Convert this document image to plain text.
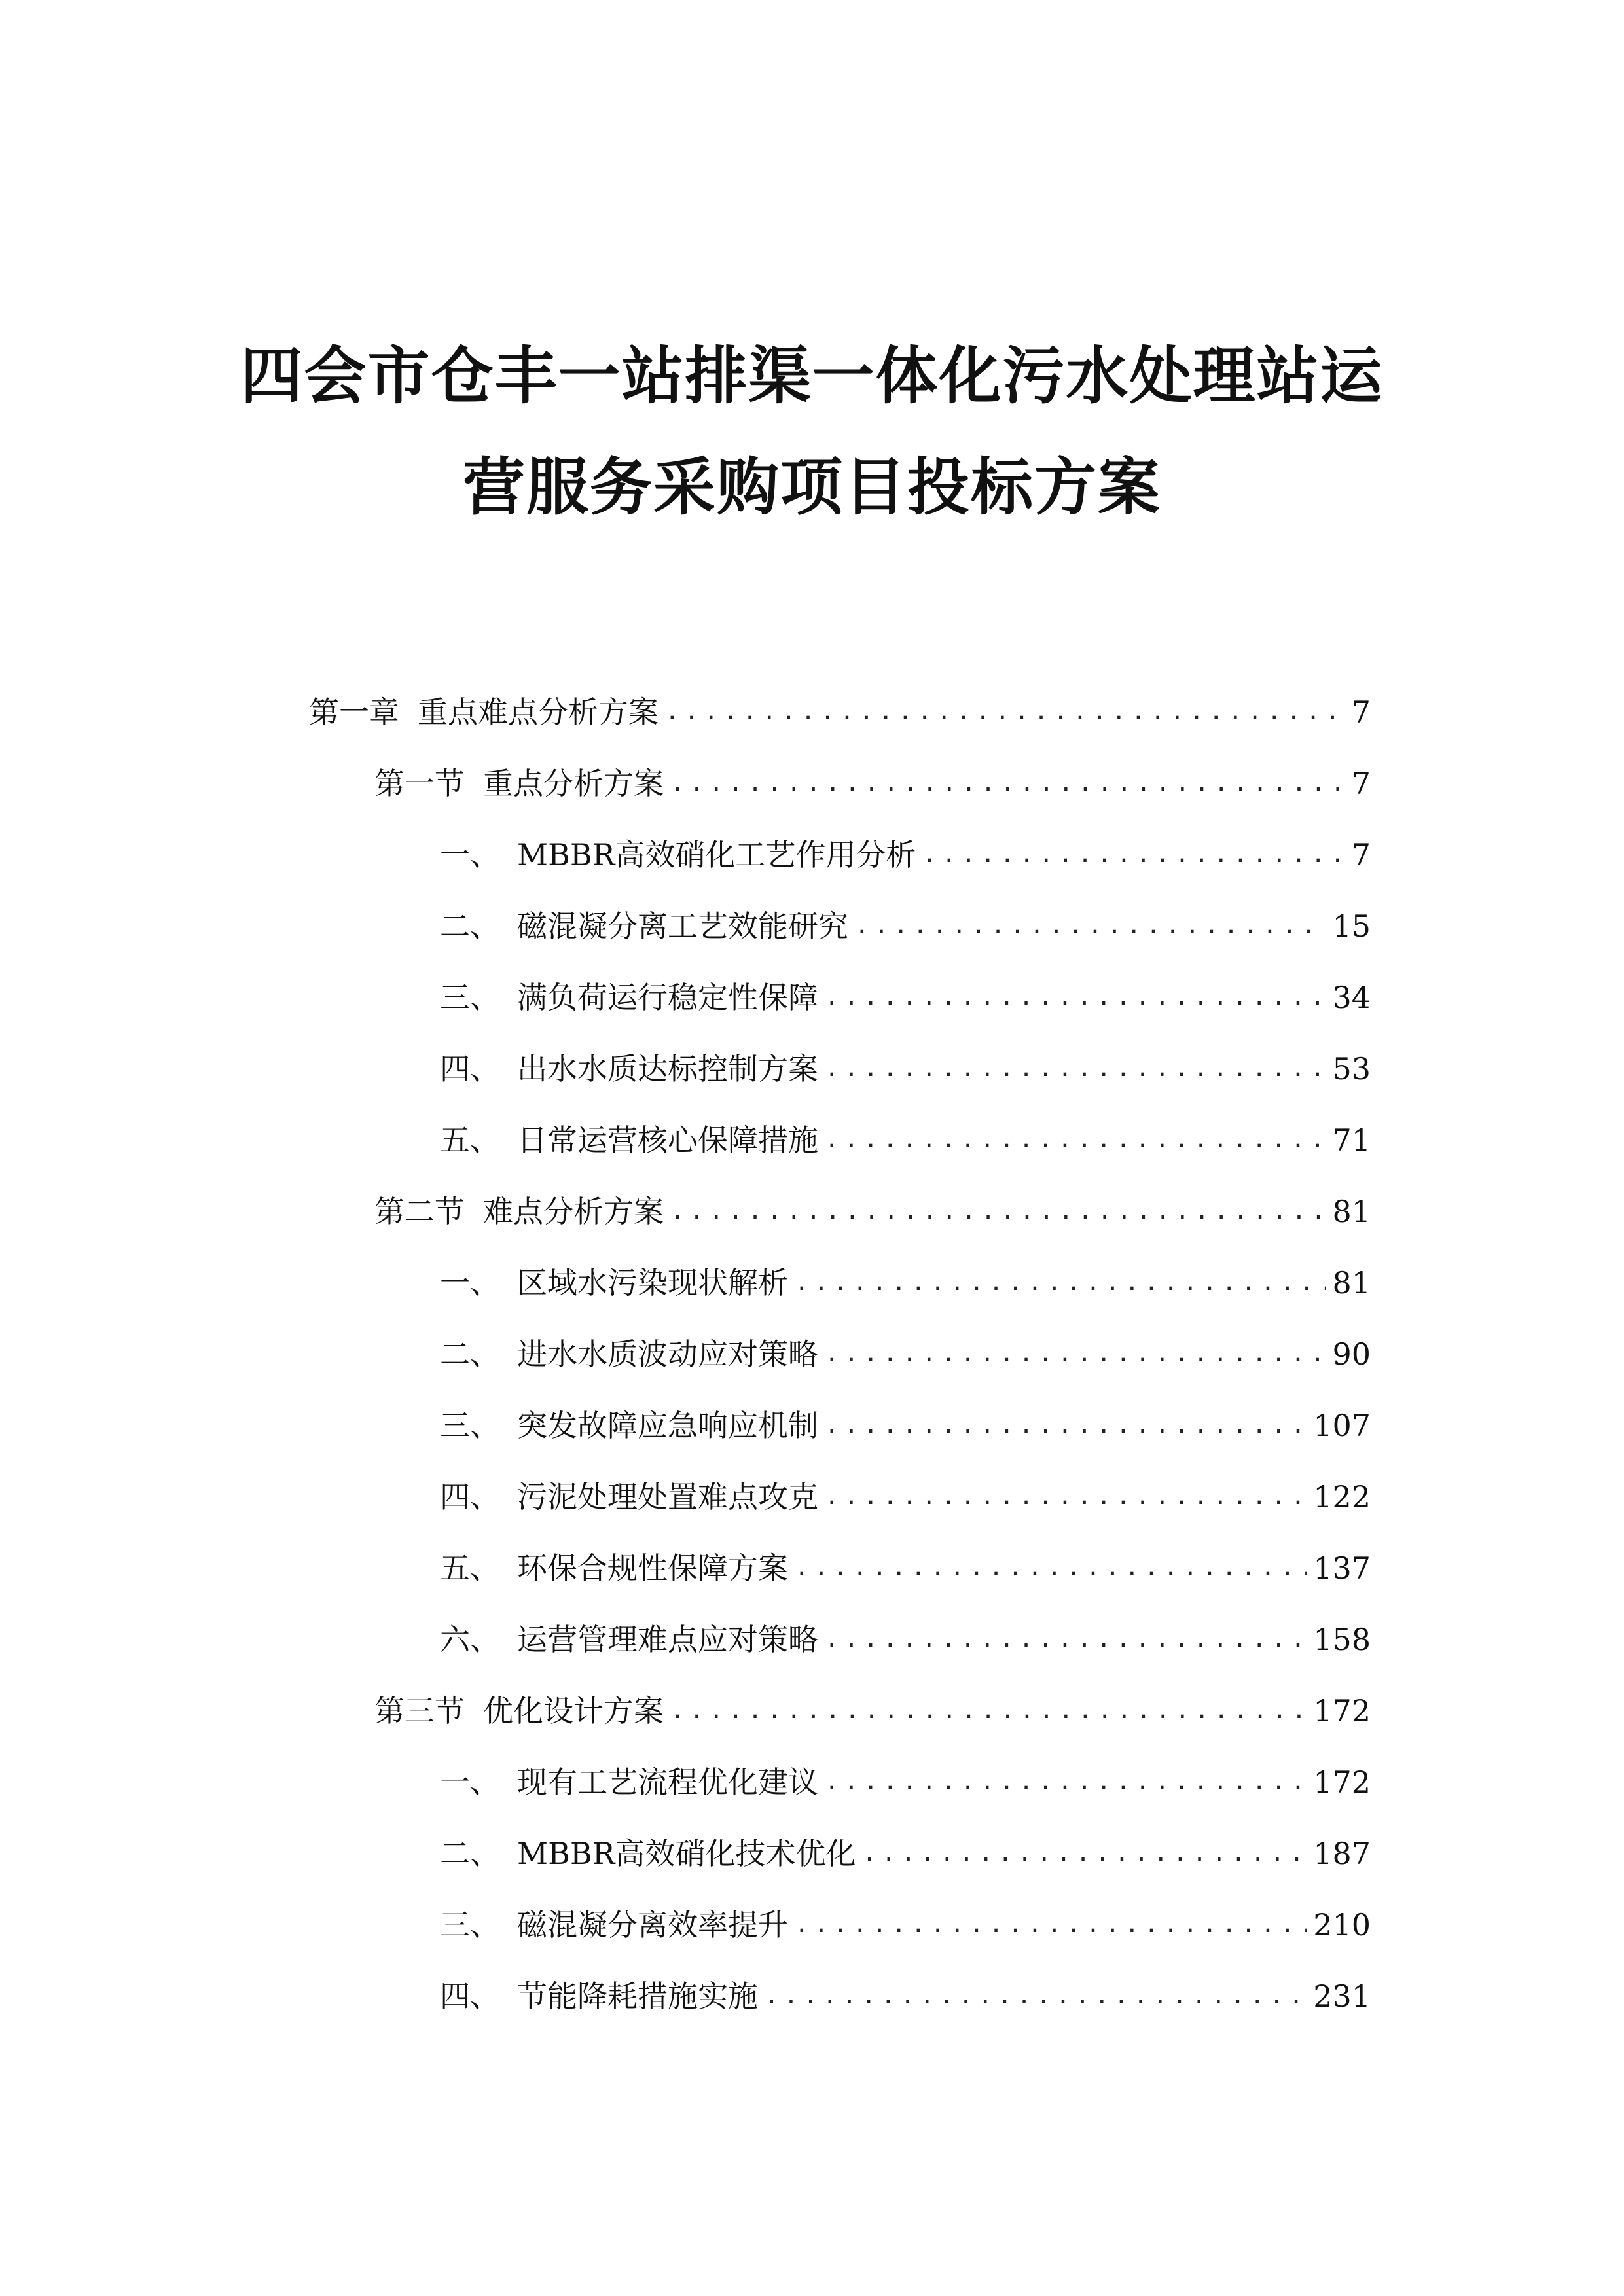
四会市仓丰一站排渠一体化污水处理站运
营服务采购项目投标方案
第一章 重点难点分析方案 .....	7
第一节 重点分析方案 .....	7
一、 MBBR高效硝化工艺作用分析 .....	7
二、 磁混凝分离工艺效能研究 .....	15
三、 满负荷运行稳定性保障 .....	34
四、 出水水质达标控制方案 .....	53
五、 日常运营核心保障措施 .....	71
第二节 难点分析方案 .....	81
一、 区域水污染现状解析 .....	81
二、 进水水质波动应对策略 .....	90
三、 突发故障应急响应机制 .....	107
四、 污泥处理处置难点攻克 .....	122
五、 环保合规性保障方案 .....	137
六、 运营管理难点应对策略 .....	158
第三节 优化设计方案 .....	172
一、 现有工艺流程优化建议 .....	172
二、 MBBR高效硝化技术优化 .....	187
三、 磁混凝分离效率提升 .....	210
四、 节能降耗措施实施 .....	231
